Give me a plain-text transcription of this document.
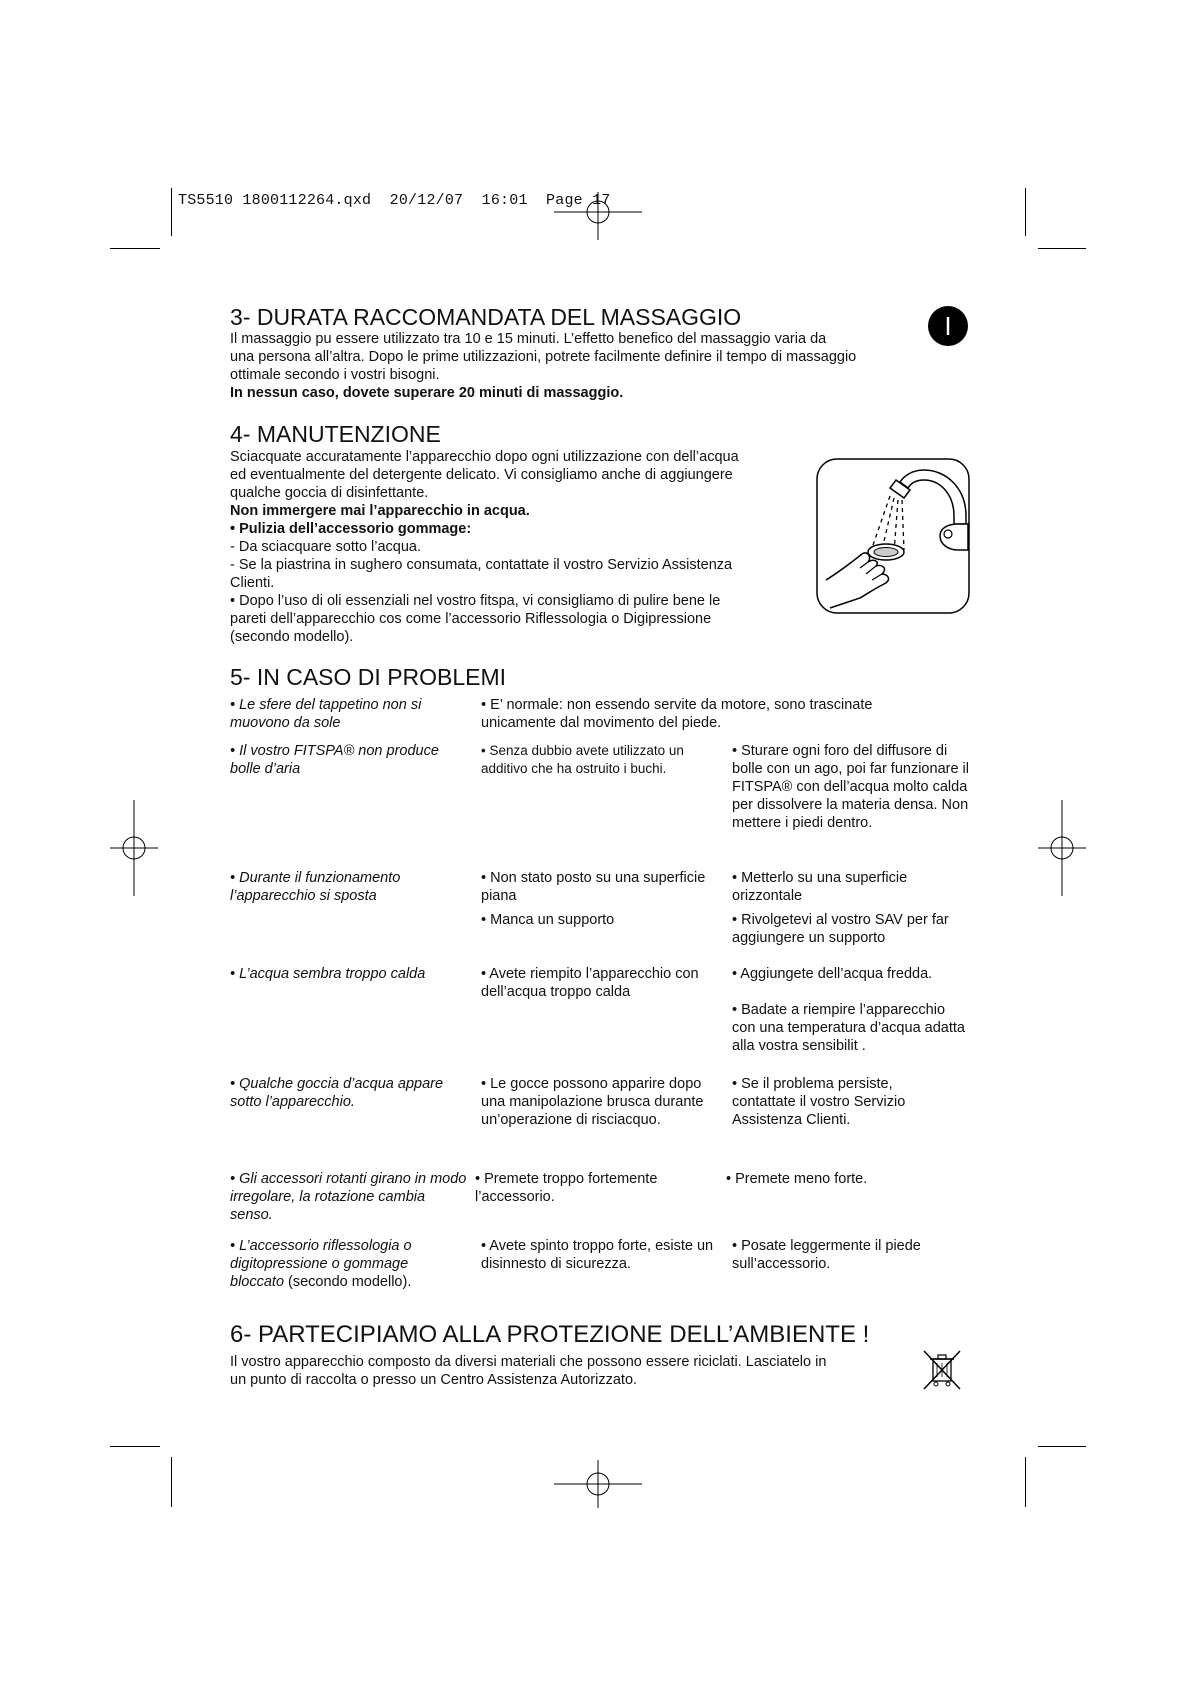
TS5510 1800112264.qxd  20/12/07  16:01  Page 17
I
3- DURATA RACCOMANDATA DEL MASSAGGIO

Il massaggio pu essere utilizzato tra 10 e 15 minuti. L’effetto benefico del massaggio varia da

una persona all’altra. Dopo le prime utilizzazioni, potrete facilmente definire il tempo di massaggio

ottimale secondo i vostri bisogni.

In nessun caso, dovete superare 20 minuti di massaggio.

4- MANUTENZIONE

Sciacquate accuratamente l’apparecchio dopo ogni utilizzazione con dell’acqua

ed eventualmente del detergente delicato. Vi consigliamo anche di aggiungere

qualche goccia di disinfettante.

Non immergere mai l’apparecchio in acqua.

• Pulizia dell’accessorio gommage:

- Da sciacquare sotto l’acqua.

- Se la piastrina in sughero consumata, contattate il vostro Servizio Assistenza

Clienti.

• Dopo l’uso di oli essenziali nel vostro fitspa, vi consigliamo di pulire bene le

pareti dell’apparecchio cos come l’accessorio Riflessologia o Digipressione

(secondo modello).

5- IN CASO DI PROBLEMI
• Le sfere del tappetino non si muovono da sole
• E’ normale: non essendo servite da motore, sono trascinate unicamente dal movimento del piede.
• Il vostro FITSPA® non produce bolle d’aria
• Senza dubbio avete utilizzato un additivo che ha ostruito i buchi.
• Sturare ogni foro del diffusore di bolle con un ago, poi far funzionare il FITSPA® con dell’acqua molto calda per dissolvere la materia densa. Non mettere i piedi dentro.
• Durante il funzionamento l’apparecchio si sposta
• Non stato posto su una superficie piana
• Manca un supporto
• Metterlo su una superficie orizzontale
• Rivolgetevi al vostro SAV per far aggiungere un supporto
• L’acqua sembra troppo calda	• Avete riempito l’apparecchio con dell’acqua troppo calda
• Aggiungete dell’acqua fredda.
• Badate a riempire l’apparecchio con una temperatura d’acqua adatta alla vostra sensibilit .
• Qualche goccia d’acqua appare sotto l’apparecchio.
• Le gocce possono apparire dopo una manipolazione brusca durante un’operazione di risciacquo.
• Se il problema persiste, contattate il vostro Servizio Assistenza Clienti.
• Gli accessori rotanti girano in modo irregolare, la rotazione cambia senso.
• Premete troppo fortemente l’accessorio.
• Premete meno forte.
• L’accessorio riflessologia o digitopressione o gommage bloccato (secondo modello).
• Avete spinto troppo forte, esiste un disinnesto di sicurezza.
• Posate leggermente il piede sull’accessorio.
6- PARTECIPIAMO ALLA PROTEZIONE DELL’AMBIENTE !

Il vostro apparecchio composto da diversi materiali che possono essere riciclati. Lasciatelo in

un punto di raccolta o presso un Centro Assistenza Autorizzato.
